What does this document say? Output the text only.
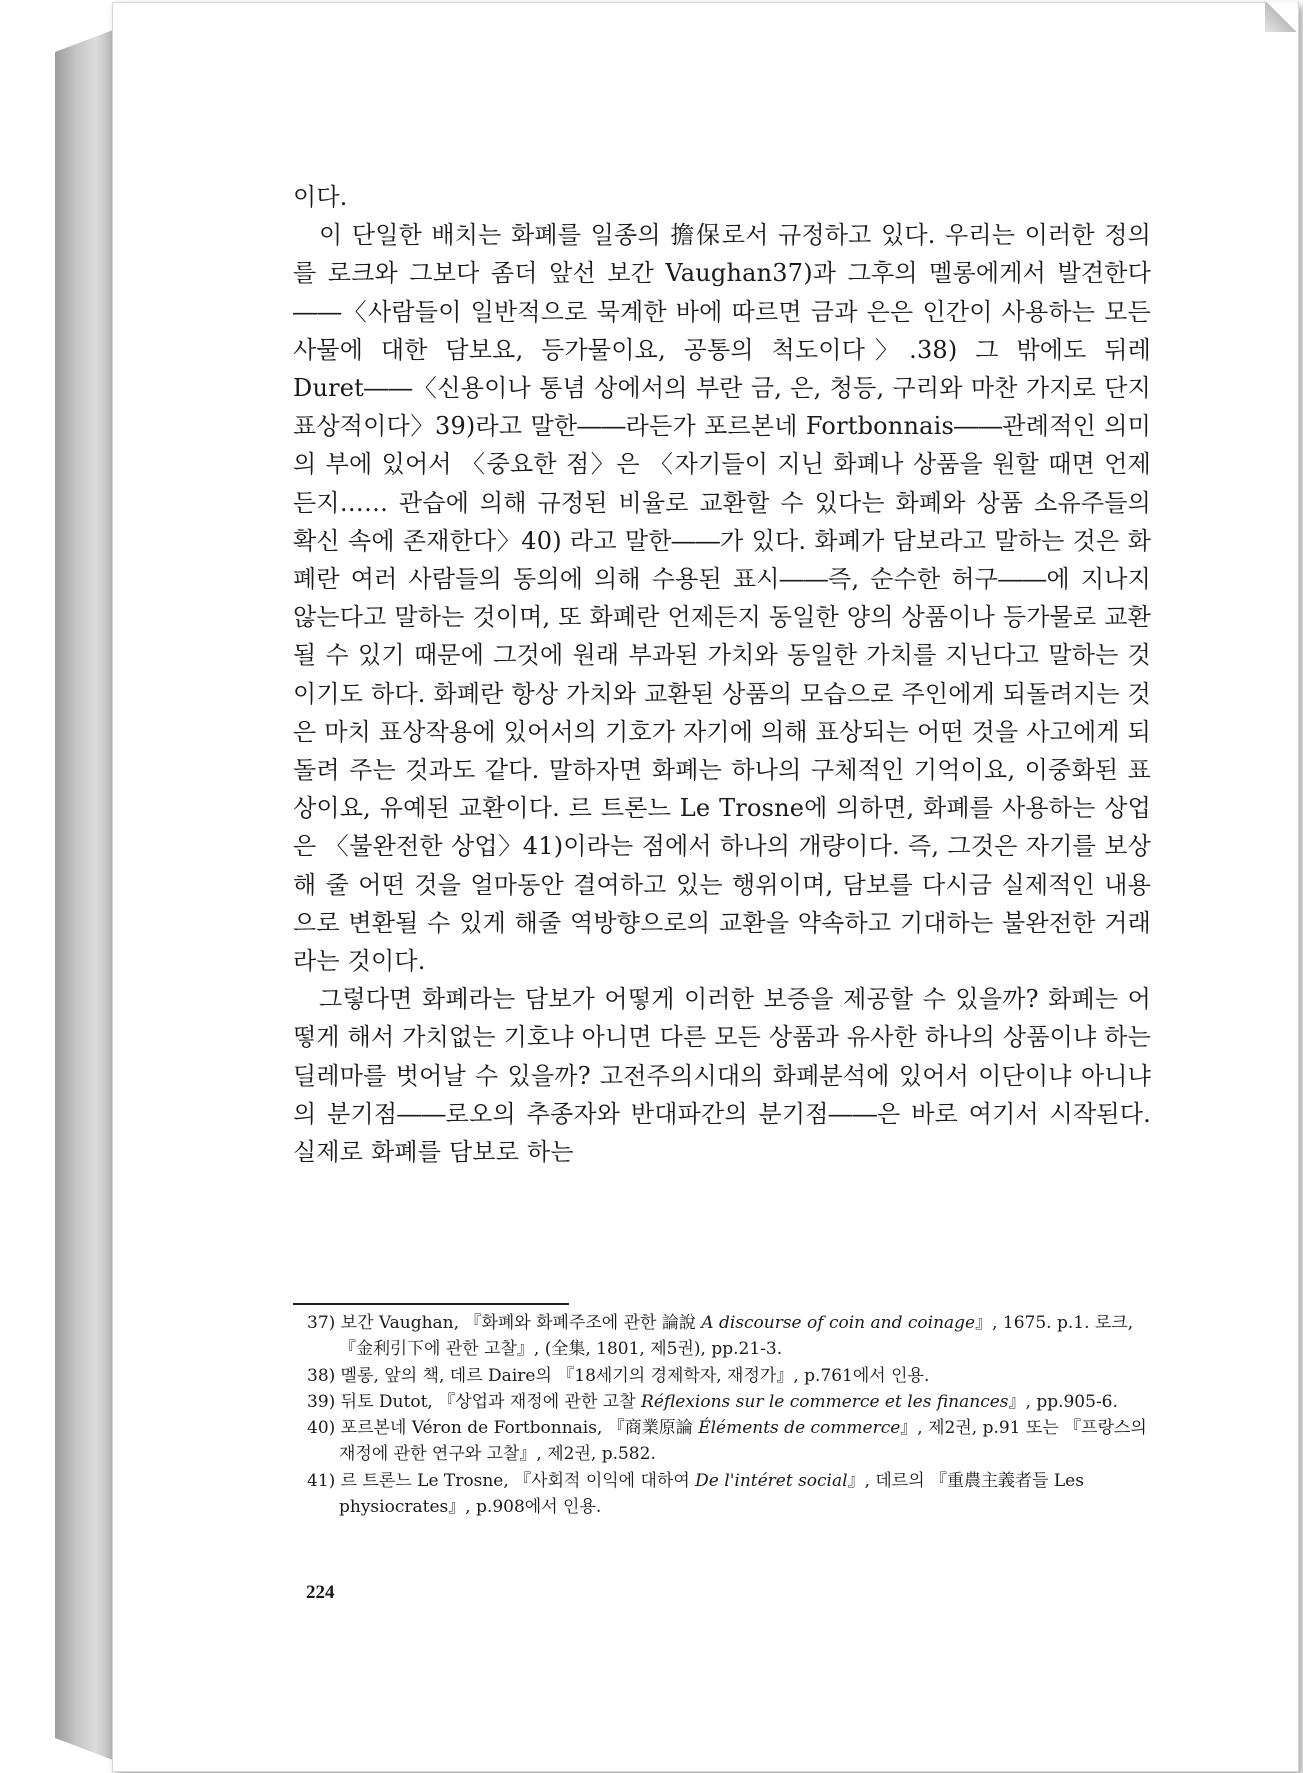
이다.

이 단일한 배치는 화폐를 일종의 擔保로서 규정하고 있다. 우리는 이러한 정의를 로크와 그보다 좀더 앞선 보간 Vaughan37)과 그후의 멜롱에게서 발견한다――〈사람들이 일반적으로 묵계한 바에 따르면 금과 은은 인간이 사용하는 모든 사물에 대한 담보요, 등가물이요, 공통의 척도이다〉.38) 그 밖에도 뒤레 Duret――〈신용이나 통념 상에서의 부란 금, 은, 청등, 구리와 마찬 가지로 단지 표상적이다〉39)라고 말한――라든가 포르본네 Fortbonnais――관례적인 의미의 부에 있어서 〈중요한 점〉은 〈자기들이 지닌 화폐나 상품을 원할 때면 언제든지…… 관습에 의해 규정된 비율로 교환할 수 있다는 화폐와 상품 소유주들의 확신 속에 존재한다〉40) 라고 말한――가 있다. 화폐가 담보라고 말하는 것은 화폐란 여러 사람들의 동의에 의해 수용된 표시――즉, 순수한 허구――에 지나지 않는다고 말하는 것이며, 또 화폐란 언제든지 동일한 양의 상품이나 등가물로 교환될 수 있기 때문에 그것에 원래 부과된 가치와 동일한 가치를 지닌다고 말하는 것이기도 하다. 화폐란 항상 가치와 교환된 상품의 모습으로 주인에게 되돌려지는 것은 마치 표상작용에 있어서의 기호가 자기에 의해 표상되는 어떤 것을 사고에게 되돌려 주는 것과도 같다. 말하자면 화폐는 하나의 구체적인 기억이요, 이중화된 표상이요, 유예된 교환이다. 르 트론느 Le Trosne에 의하면, 화폐를 사용하는 상업은 〈불완전한 상업〉41)이라는 점에서 하나의 개량이다. 즉, 그것은 자기를 보상해 줄 어떤 것을 얼마동안 결여하고 있는 행위이며, 담보를 다시금 실제적인 내용으로 변환될 수 있게 해줄 역방향으로의 교환을 약속하고 기대하는 불완전한 거래라는 것이다.

그렇다면 화폐라는 담보가 어떻게 이러한 보증을 제공할 수 있을까? 화폐는 어떻게 해서 가치없는 기호냐 아니면 다른 모든 상품과 유사한 하나의 상품이냐 하는 딜레마를 벗어날 수 있을까? 고전주의시대의 화폐분석에 있어서 이단이냐 아니냐의 분기점――로오의 추종자와 반대파간의 분기점――은 바로 여기서 시작된다. 실제로 화폐를 담보로 하는

37) 보간 Vaughan, 『화폐와 화폐주조에 관한 論說 A discourse of coin and coinage』, 1675. p.1. 로크, 『金利引下에 관한 고찰』, (全集, 1801, 제5권), pp.21-3.

38) 멜롱, 앞의 책, 데르 Daire의 『18세기의 경제학자, 재정가』, p.761에서 인용.

39) 뒤토 Dutot, 『상업과 재정에 관한 고찰 Réflexions sur le commerce et les finances』, pp.905-6.

40) 포르본네 Véron de Fortbonnais, 『商業原論 Éléments de commerce』, 제2권, p.91 또는 『프랑스의 재정에 관한 연구와 고찰』, 제2권, p.582.

41) 르 트론느 Le Trosne, 『사회적 이익에 대하여 De l'intéret social』, 데르의 『重農主義者들 Les physiocrates』, p.908에서 인용.

224
